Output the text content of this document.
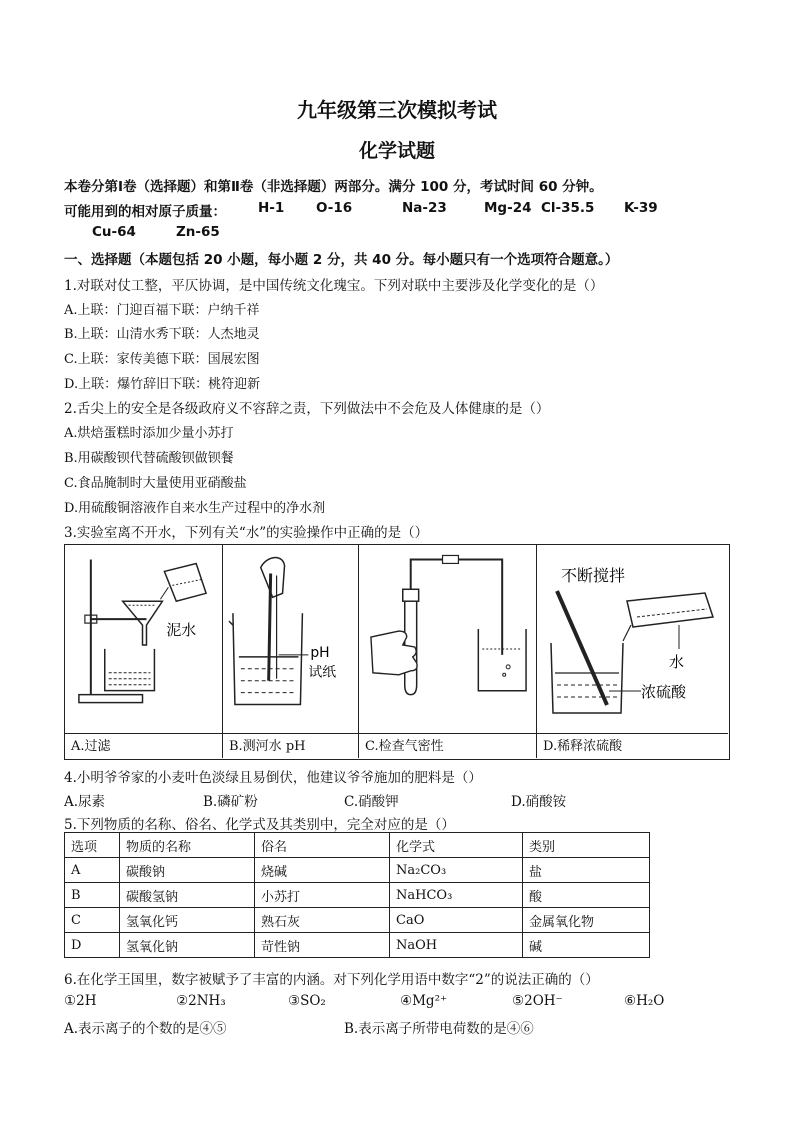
九年级第三次模拟考试
化学试题
本卷分第Ⅰ卷（选择题）和第Ⅱ卷（非选择题）两部分。满分 100 分，考试时间 60 分钟。
可能用到的相对原子质量： H-1 O-16	Na-23	Mg-24 Cl-35.5 K-39
Cu-64	Zn-65
一、选择题（本题包括 20 小题，每小题 2 分，共 40 分。每小题只有一个选项符合题意。）
1.对联对仗工整，平仄协调，是中国传统文化瑰宝。下列对联中主要涉及化学变化的是（）
A.上联：门迎百福下联：户纳千祥
B.上联：山清水秀下联：人杰地灵
C.上联：家传美德下联：国展宏图
D.上联：爆竹辞旧下联：桃符迎新
2.舌尖上的安全是各级政府义不容辞之责，下列做法中不会危及人体健康的是（）
A.烘焙蛋糕时添加少量小苏打
B.用碳酸钡代替硫酸钡做钡餐
C.食品腌制时大量使用亚硝酸盐
D.用硫酸铜溶液作自来水生产过程中的净水剂
3.实验室离不开水，下列有关“水”的实验操作中正确的是（）
泥水
A.过滤
pH
试纸
B.测河水 pH	C.检查气密性
不断搅拌
水
浓硫酸
D.稀释浓硫酸
4.小明爷爷家的小麦叶色淡绿且易倒伏，他建议爷爷施加的肥料是（）
A.尿素	B.磷矿粉	C.硝酸钾	D.硝酸铵
5.下列物质的名称、俗名、化学式及其类别中，完全对应的是（）
选项	物质的名称	俗名	化学式	类别
A	碳酸钠	烧碱	Na₂CO₃	盐
B	碳酸氢钠	小苏打	NaHCO₃	酸
C	氢氧化钙	熟石灰	CaO	金属氧化物
D	氢氧化钠	苛性钠	NaOH	碱
6.在化学王国里，数字被赋予了丰富的内涵。对下列化学用语中数字“2”的说法正确的（）
①2H	②2NH₃	③SO₂	④Mg²⁺	⑤2OH⁻	⑥H₂O
A.表示离子的个数的是④⑤	B.表示离子所带电荷数的是④⑥
